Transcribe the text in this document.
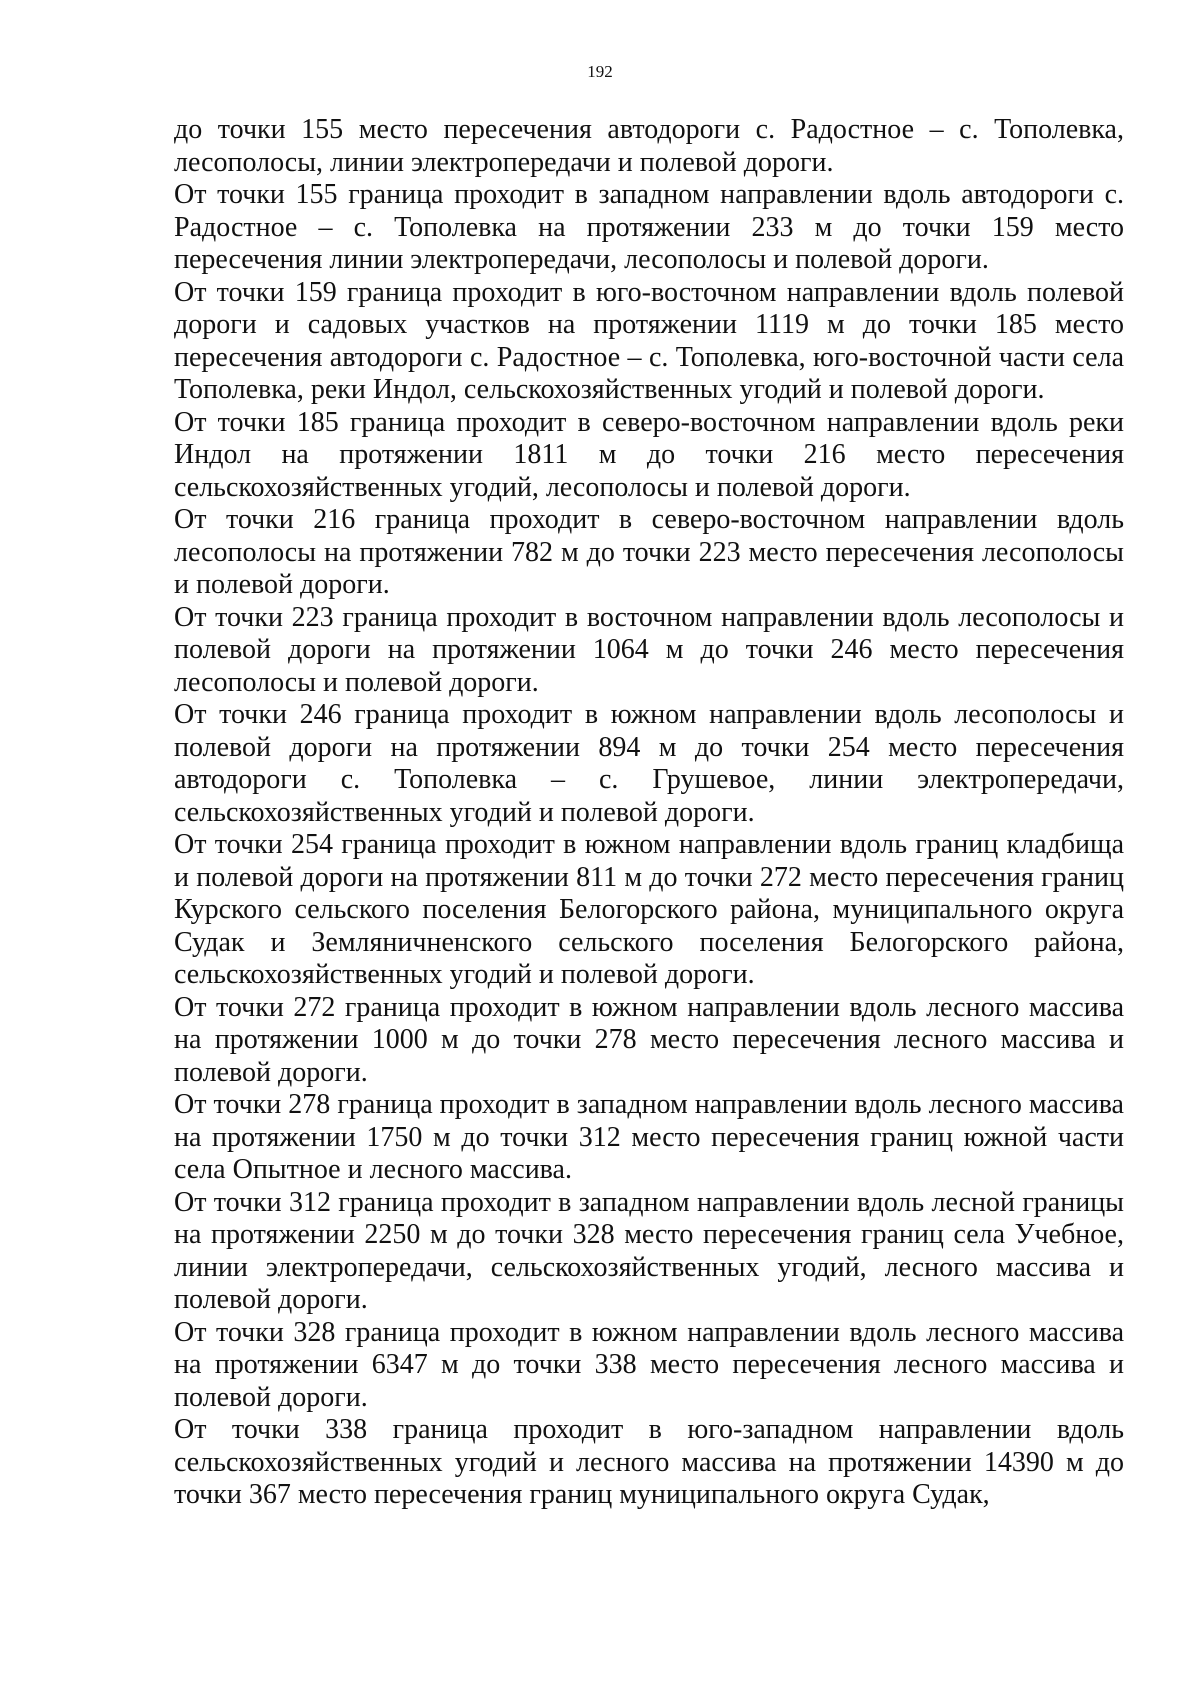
192

до точки 155 место пересечения автодороги с. Радостное – с. Тополевка, лесополосы, линии электропередачи и полевой дороги.

От точки 155 граница проходит в западном направлении вдоль автодороги с. Радостное – с. Тополевка на протяжении 233 м до точки 159 место пересечения линии электропередачи, лесополосы и полевой дороги.

От точки 159 граница проходит в юго-восточном направлении вдоль полевой дороги и садовых участков на протяжении 1119 м до точки 185 место пересечения автодороги с. Радостное – с. Тополевка, юго-восточной части села Тополевка, реки Индол, сельскохозяйственных угодий и полевой дороги.

От точки 185 граница проходит в северо-восточном направлении вдоль реки Индол на протяжении 1811 м до точки 216 место пересечения сельскохозяйственных угодий, лесополосы и полевой дороги.

От точки 216 граница проходит в северо-восточном направлении вдоль лесополосы на протяжении 782 м до точки 223 место пересечения лесополосы и полевой дороги.

От точки 223 граница проходит в восточном направлении вдоль лесополосы и полевой дороги на протяжении 1064 м до точки 246 место пересечения лесополосы и полевой дороги.

От точки 246 граница проходит в южном направлении вдоль лесополосы и полевой дороги на протяжении 894 м до точки 254 место пересечения автодороги с. Тополевка – с. Грушевое, линии электропередачи, сельскохозяйственных угодий и полевой дороги.

От точки 254 граница проходит в южном направлении вдоль границ кладбища и полевой дороги на протяжении 811 м до точки 272 место пересечения границ Курского сельского поселения Белогорского района, муниципального округа Судак и Земляничненского сельского поселения Белогорского района, сельскохозяйственных угодий и полевой дороги.

От точки 272 граница проходит в южном направлении вдоль лесного массива на протяжении 1000 м до точки 278 место пересечения лесного массива и полевой дороги.

От точки 278 граница проходит в западном направлении вдоль лесного массива на протяжении 1750 м до точки 312 место пересечения границ южной части села Опытное и лесного массива.

От точки 312 граница проходит в западном направлении вдоль лесной границы на протяжении 2250 м до точки 328 место пересечения границ села Учебное, линии электропередачи, сельскохозяйственных угодий, лесного массива и полевой дороги.

От точки 328 граница проходит в южном направлении вдоль лесного массива на протяжении 6347 м до точки 338 место пересечения лесного массива и полевой дороги.

От точки 338 граница проходит в юго-западном направлении вдоль сельскохозяйственных угодий и лесного массива на протяжении 14390 м до точки 367 место пересечения границ муниципального округа Судак,
